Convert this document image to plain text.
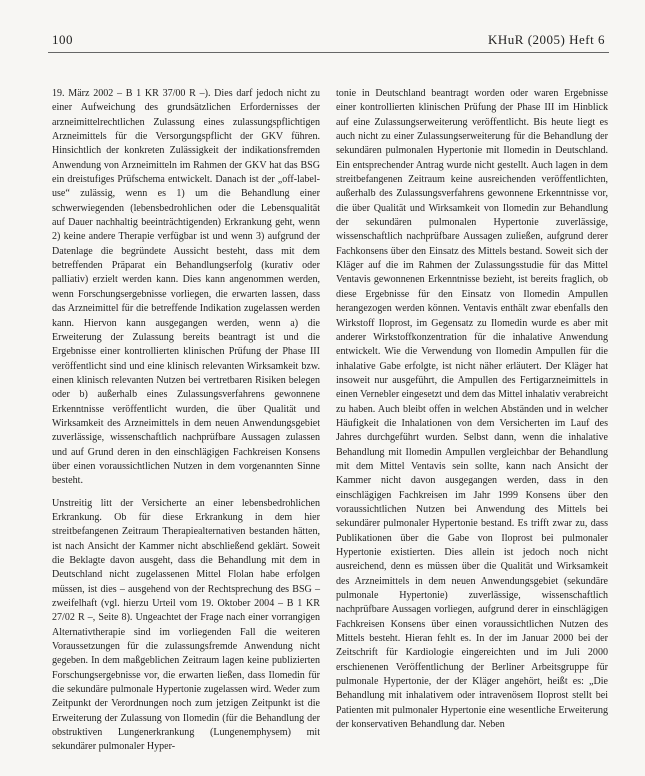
100	KHuR (2005) Heft 6

19. März 2002 – B 1 KR 37/00 R –). Dies darf jedoch nicht zu einer Aufweichung des grundsätzlichen Erfordernisses der arzneimittelrechtlichen Zulassung eines zulassungspflichtigen Arzneimittels für die Versorgungspflicht der GKV führen. Hinsichtlich der konkreten Zulässigkeit der indikationsfremden Anwendung von Arzneimitteln im Rahmen der GKV hat das BSG ein dreistufiges Prüfschema entwickelt. Danach ist der „off-label-use“ zulässig, wenn es 1) um die Behandlung einer schwerwiegenden (lebensbedrohlichen oder die Lebensqualität auf Dauer nachhaltig beeinträchtigenden) Erkrankung geht, wenn 2) keine andere Therapie verfügbar ist und wenn 3) aufgrund der Datenlage die begründete Aussicht besteht, dass mit dem betreffenden Präparat ein Behandlungserfolg (kurativ oder palliativ) erzielt werden kann. Dies kann angenommen werden, wenn Forschungsergebnisse vorliegen, die erwarten lassen, dass das Arzneimittel für die betreffende Indikation zugelassen werden kann. Hiervon kann ausgegangen werden, wenn a) die Erweiterung der Zulassung bereits beantragt ist und die Ergebnisse einer kontrollierten klinischen Prüfung der Phase III veröffentlicht sind und eine klinisch relevanten Wirksamkeit bzw. einen klinisch relevanten Nutzen bei vertretbaren Risiken belegen oder b) außerhalb eines Zulassungsverfahrens gewonnene Erkenntnisse veröffentlicht wurden, die über Qualität und Wirksamkeit des Arzneimittels in dem neuen Anwendungsgebiet zuverlässige, wissenschaftlich nachprüfbare Aussagen zulassen und auf Grund deren in den einschlägigen Fachkreisen Konsens über einen voraussichtlichen Nutzen in dem vorgenannten Sinne besteht.

Unstreitig litt der Versicherte an einer lebensbedrohlichen Erkrankung. Ob für diese Erkrankung in dem hier streitbefangenen Zeitraum Therapiealternativen bestanden hätten, ist nach Ansicht der Kammer nicht abschließend geklärt. Soweit die Beklagte davon ausgeht, dass die Behandlung mit dem in Deutschland nicht zugelassenen Mittel Flolan habe erfolgen müssen, ist dies – ausgehend von der Rechtsprechung des BSG – zweifelhaft (vgl. hierzu Urteil vom 19. Oktober 2004 – B 1 KR 27/02 R –, Seite 8). Ungeachtet der Frage nach einer vorrangigen Alternativtherapie sind im vorliegenden Fall die weiteren Voraussetzungen für die zulassungsfremde Anwendung nicht gegeben. In dem maßgeblichen Zeitraum lagen keine publizierten Forschungsergebnisse vor, die erwarten ließen, dass Ilomedin für die sekundäre pulmonale Hypertonie zugelassen wird. Weder zum Zeitpunkt der Verordnungen noch zum jetzigen Zeitpunkt ist die Erweiterung der Zulassung von Ilomedin (für die Behandlung der obstruktiven Lungenerkrankung (Lungenemphysem) mit sekundärer pulmonaler Hyper-

tonie in Deutschland beantragt worden oder waren Ergebnisse einer kontrollierten klinischen Prüfung der Phase III im Hinblick auf eine Zulassungserweiterung veröffentlicht. Bis heute liegt es auch nicht zu einer Zulassungserweiterung für die Behandlung der sekundären pulmonalen Hypertonie mit Ilomedin in Deutschland. Ein entsprechender Antrag wurde nicht gestellt. Auch lagen in dem streitbefangenen Zeitraum keine ausreichenden veröffentlichten, außerhalb des Zulassungsverfahrens gewonnene Erkenntnisse vor, die über Qualität und Wirksamkeit von Ilomedin zur Behandlung der sekundären pulmonalen Hypertonie zuverlässige, wissenschaftlich nachprüfbare Aussagen zuließen, aufgrund derer Fachkonsens über den Einsatz des Mittels bestand. Soweit sich der Kläger auf die im Rahmen der Zulassungsstudie für das Mittel Ventavis gewonnenen Erkenntnisse bezieht, ist bereits fraglich, ob diese Ergebnisse für den Einsatz von Ilomedin Ampullen herangezogen werden können. Ventavis enthält zwar ebenfalls den Wirkstoff Iloprost, im Gegensatz zu Ilomedin wurde es aber mit anderer Wirkstoffkonzentration für die inhalative Anwendung entwickelt. Wie die Verwendung von Ilomedin Ampullen für die inhalative Gabe erfolgte, ist nicht näher erläutert. Der Kläger hat insoweit nur ausgeführt, die Ampullen des Fertigarzneimittels in einen Vernebler eingesetzt und dem das Mittel inhalativ verabreicht zu haben. Auch bleibt offen in welchen Abständen und in welcher Häufigkeit die Inhalationen von dem Versicherten im Lauf des Jahres durchgeführt wurden. Selbst dann, wenn die inhalative Behandlung mit Ilomedin Ampullen vergleichbar der Behandlung mit dem Mittel Ventavis sein sollte, kann nach Ansicht der Kammer nicht davon ausgegangen werden, dass in den einschlägigen Fachkreisen im Jahr 1999 Konsens über den voraussichtlichen Nutzen bei Anwendung des Mittels bei sekundärer pulmonaler Hypertonie bestand. Es trifft zwar zu, dass Publikationen über die Gabe von Iloprost bei pulmonaler Hypertonie existierten. Dies allein ist jedoch noch nicht ausreichend, denn es müssen über die Qualität und Wirksamkeit des Arzneimittels in dem neuen Anwendungsgebiet (sekundäre pulmonale Hypertonie) zuverlässige, wissenschaftlich nachprüfbare Aussagen vorliegen, aufgrund derer in einschlägigen Fachkreisen Konsens über einen voraussichtlichen Nutzen des Mittels besteht. Hieran fehlt es. In der im Januar 2000 bei der Zeitschrift für Kardiologie eingereichten und im Juli 2000 erschienenen Veröffentlichung der Berliner Arbeitsgruppe für pulmonale Hypertonie, der der Kläger angehört, heißt es: „Die Behandlung mit inhalativem oder intravenösem Iloprost stellt bei Patienten mit pulmonaler Hypertonie eine wesentliche Erweiterung der konservativen Behandlung dar. Neben
